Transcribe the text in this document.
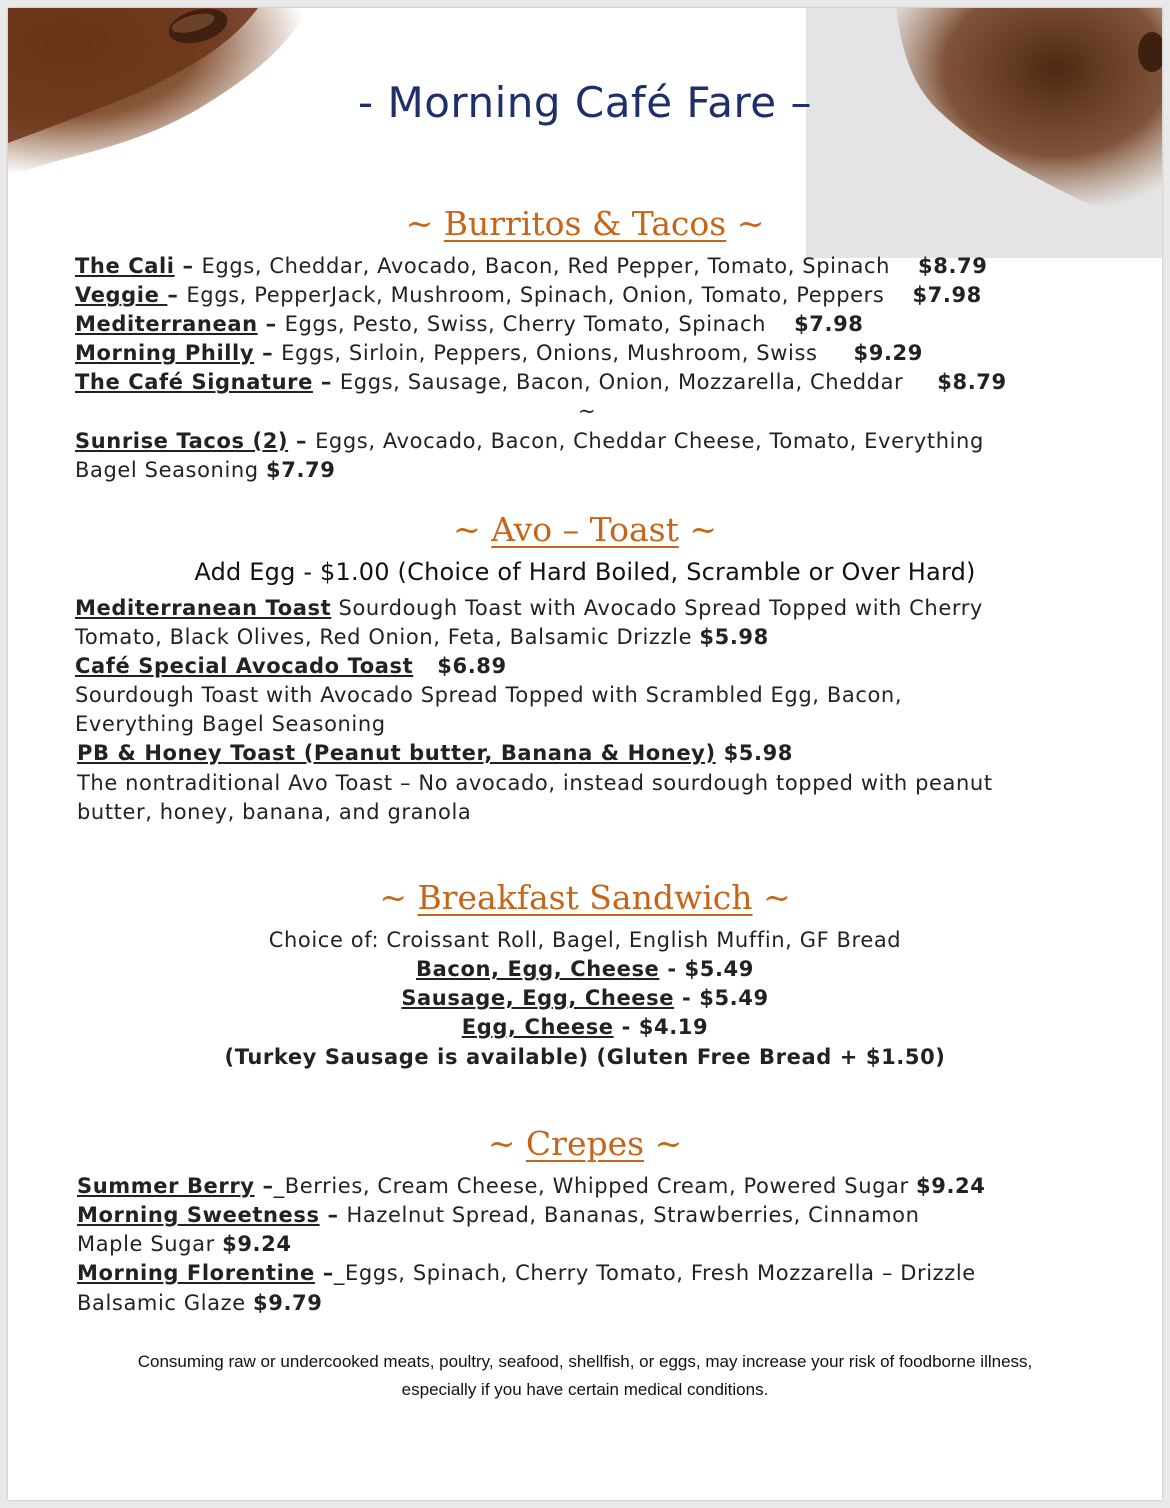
- Morning Café Fare –
~ Burritos & Tacos ~
The Cali – Eggs, Cheddar, Avocado, Bacon, Red Pepper, Tomato, Spinach $8.79
Veggie – Eggs, PepperJack, Mushroom, Spinach, Onion, Tomato, Peppers $7.98
Mediterranean – Eggs, Pesto, Swiss, Cherry Tomato, Spinach $7.98
Morning Philly – Eggs, Sirloin, Peppers, Onions, Mushroom, Swiss $9.29
The Café Signature – Eggs, Sausage, Bacon, Onion, Mozzarella, Cheddar $8.79
~
Sunrise Tacos (2) – Eggs, Avocado, Bacon, Cheddar Cheese, Tomato, Everything
Bagel Seasoning $7.79
~ Avo – Toast ~
Add Egg - $1.00 (Choice of Hard Boiled, Scramble or Over Hard)
Mediterranean Toast Sourdough Toast with Avocado Spread Topped with Cherry
Tomato, Black Olives, Red Onion, Feta, Balsamic Drizzle $5.98
Café Special Avocado Toast $6.89
Sourdough Toast with Avocado Spread Topped with Scrambled Egg, Bacon,
Everything Bagel Seasoning
PB & Honey Toast (Peanut butter, Banana & Honey) $5.98
The nontraditional Avo Toast – No avocado, instead sourdough topped with peanut
butter, honey, banana, and granola
~ Breakfast Sandwich ~
Choice of: Croissant Roll, Bagel, English Muffin, GF Bread
Bacon, Egg, Cheese - $5.49
Sausage, Egg, Cheese - $5.49
Egg, Cheese - $4.19
(Turkey Sausage is available) (Gluten Free Bread + $1.50)
~ Crepes ~
Summer Berry –_Berries, Cream Cheese, Whipped Cream, Powered Sugar $9.24
Morning Sweetness – Hazelnut Spread, Bananas, Strawberries, Cinnamon
Maple Sugar $9.24
Morning Florentine –_Eggs, Spinach, Cherry Tomato, Fresh Mozzarella – Drizzle
Balsamic Glaze $9.79
Consuming raw or undercooked meats, poultry, seafood, shellfish, or eggs, may increase your risk of foodborne illness,
especially if you have certain medical conditions.
